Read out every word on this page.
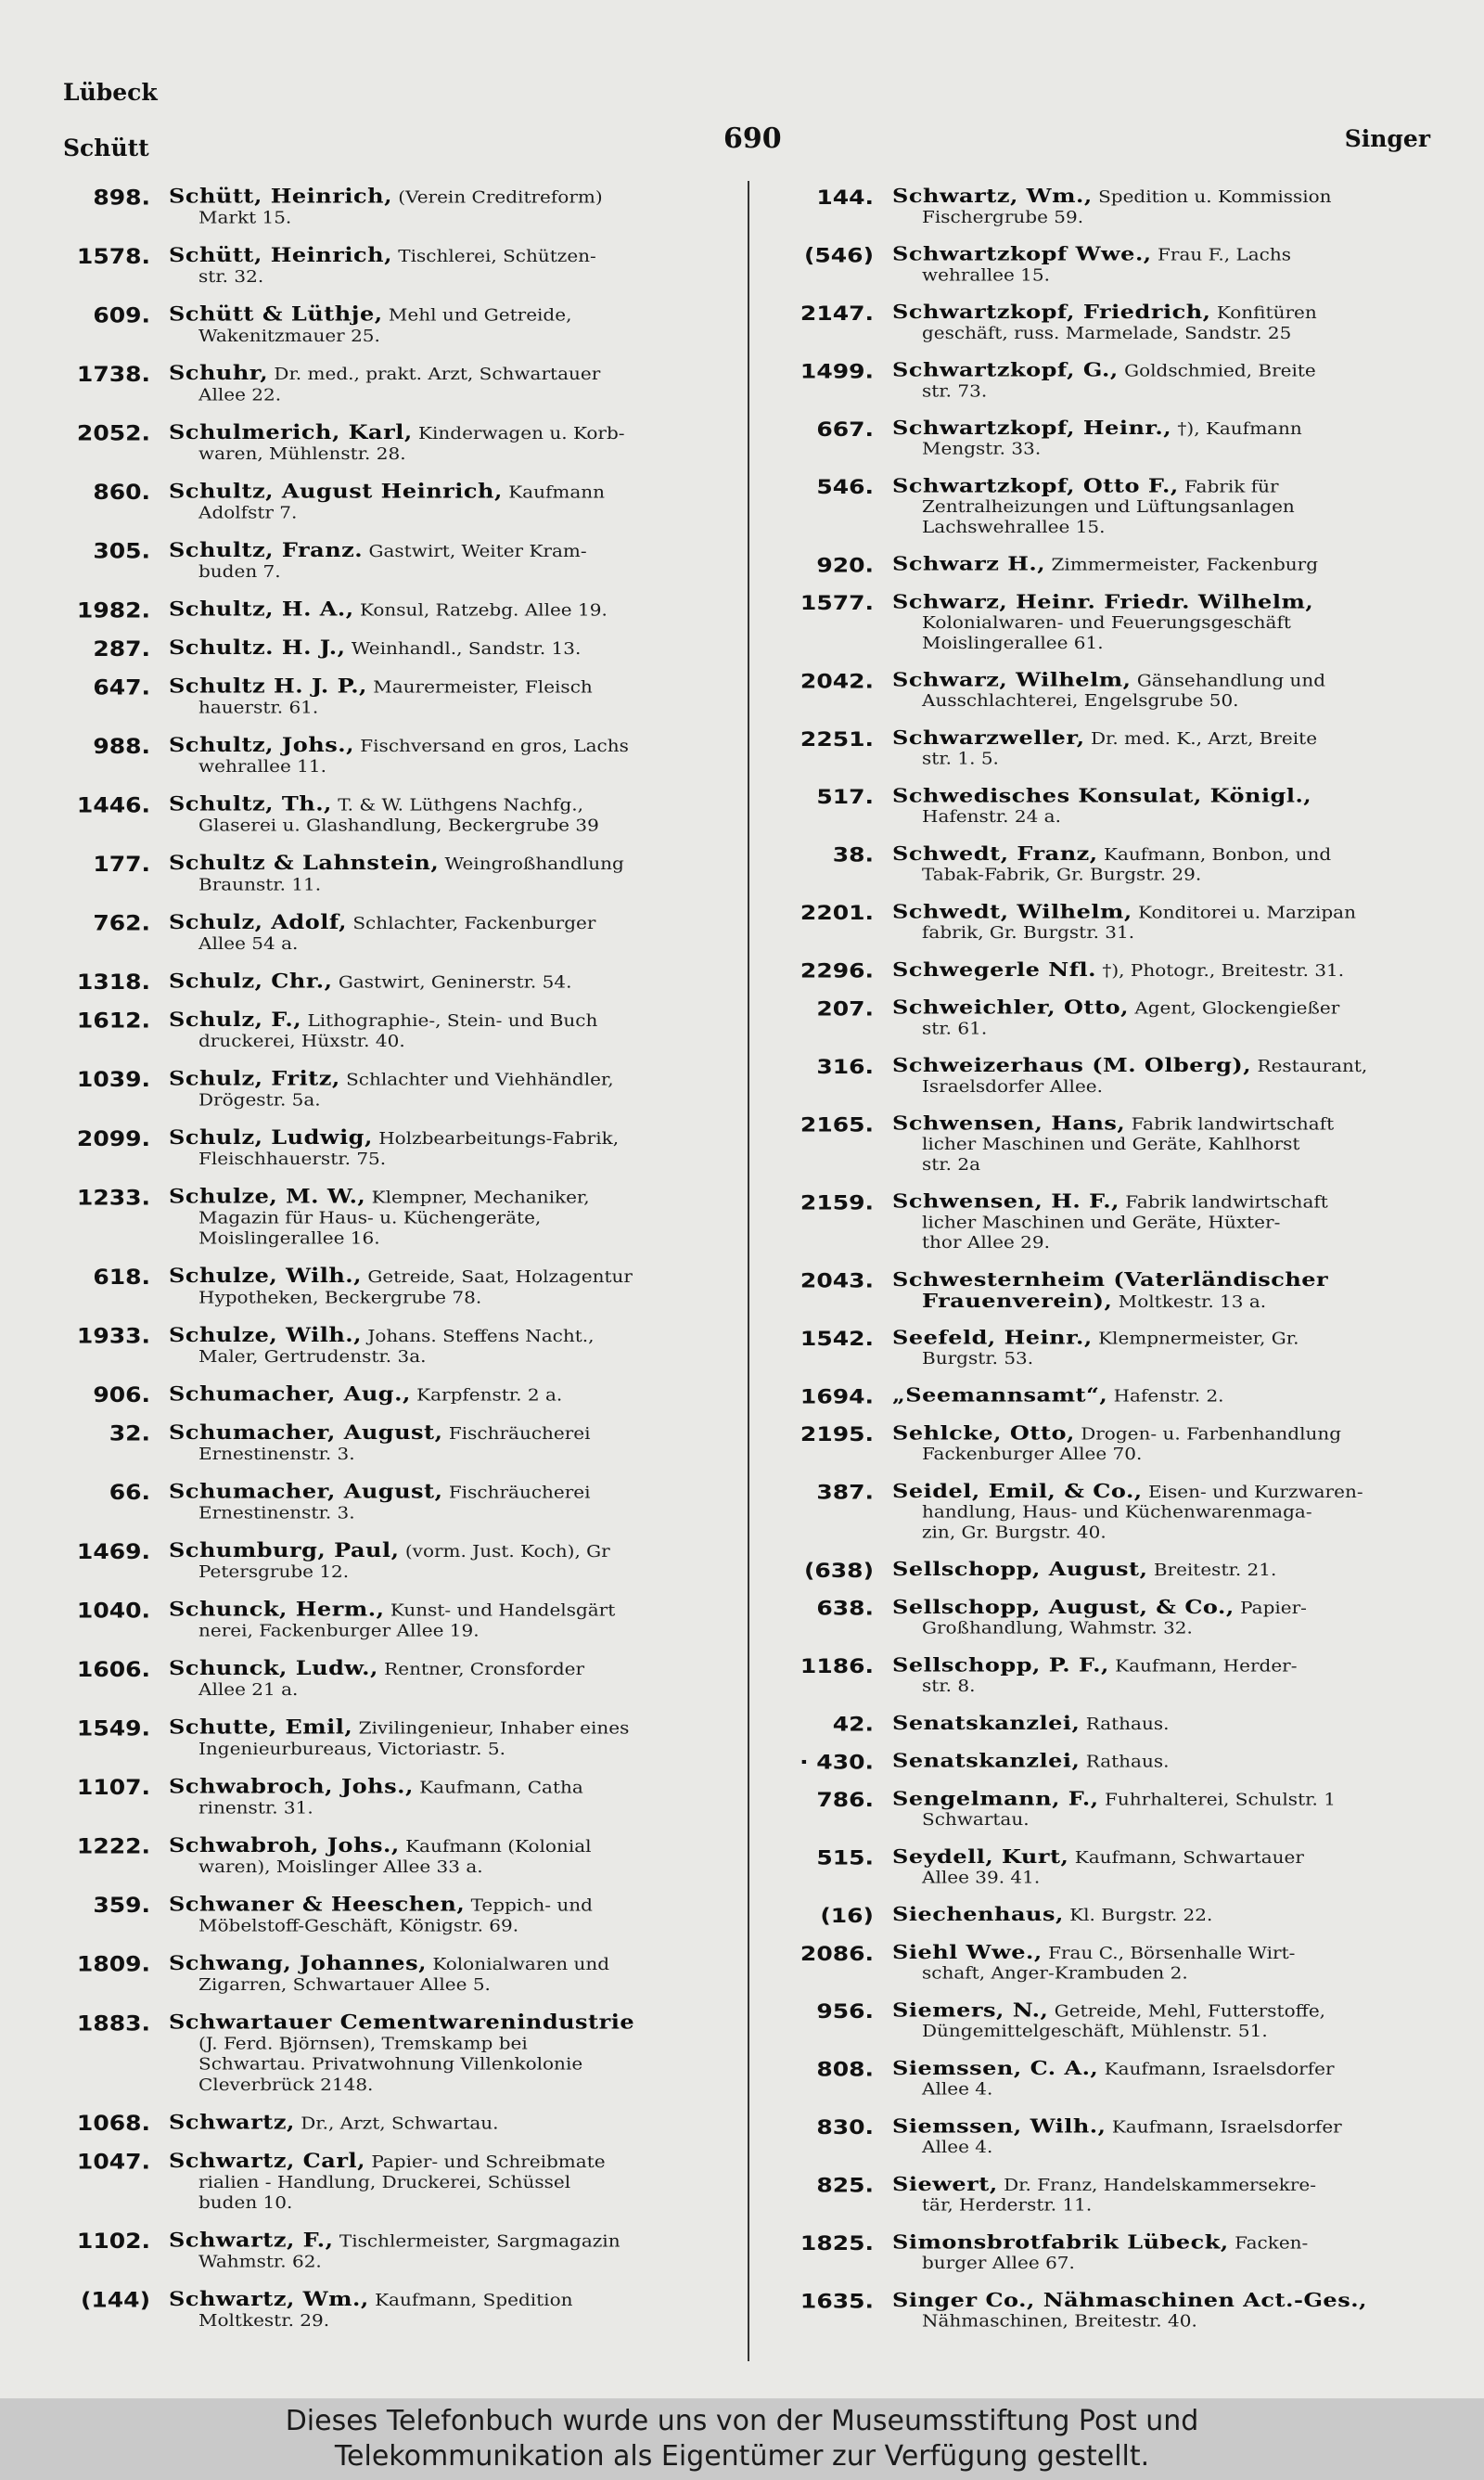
Lübeck
Schütt	690	Singer
898. Schütt, Heinrich, (Verein Creditreform)
Markt 15.
1578. Schütt, Heinrich, Tischlerei, Schützen-
str. 32.
609. Schütt & Lüthje, Mehl und Getreide,
Wakenitzmauer 25.
1738. Schuhr, Dr. med., prakt. Arzt, Schwartauer
Allee 22.
2052. Schulmerich, Karl, Kinderwagen u. Korb-
waren, Mühlenstr. 28.
860. Schultz, August Heinrich, Kaufmann
Adolfstr 7.
305. Schultz, Franz. Gastwirt, Weiter Kram-
buden 7.
1982. Schultz, H. A., Konsul, Ratzebg. Allee 19.
287. Schultz. H. J., Weinhandl., Sandstr. 13.
647. Schultz H. J. P., Maurermeister, Fleisch
hauerstr. 61.
988. Schultz, Johs., Fischversand en gros, Lachs
wehrallee 11.
1446. Schultz, Th., T. & W. Lüthgens Nachfg.,
Glaserei u. Glashandlung, Beckergrube 39
177. Schultz & Lahnstein, Weingroßhandlung
Braunstr. 11.
762. Schulz, Adolf, Schlachter, Fackenburger
Allee 54 a.
1318. Schulz, Chr., Gastwirt, Geninerstr. 54.
1612. Schulz, F., Lithographie-, Stein- und Buch
druckerei, Hüxstr. 40.
1039. Schulz, Fritz, Schlachter und Viehhändler,
Drögestr. 5a.
2099. Schulz, Ludwig, Holzbearbeitungs-Fabrik,
Fleischhauerstr. 75.
1233. Schulze, M. W., Klempner, Mechaniker,
Magazin für Haus- u. Küchengeräte,
Moislingerallee 16.
618. Schulze, Wilh., Getreide, Saat, Holzagentur
Hypotheken, Beckergrube 78.
1933. Schulze, Wilh., Johans. Steffens Nacht.,
Maler, Gertrudenstr. 3a.
906. Schumacher, Aug., Karpfenstr. 2 a.
32. Schumacher, August, Fischräucherei
Ernestinenstr. 3.
66. Schumacher, August, Fischräucherei
Ernestinenstr. 3.
1469. Schumburg, Paul, (vorm. Just. Koch), Gr
Petersgrube 12.
1040. Schunck, Herm., Kunst- und Handelsgärt
nerei, Fackenburger Allee 19.
1606. Schunck, Ludw., Rentner, Cronsforder
Allee 21 a.
1549. Schutte, Emil, Zivilingenieur, Inhaber eines
Ingenieurbureaus, Victoriastr. 5.
1107. Schwabroch, Johs., Kaufmann, Catha
rinenstr. 31.
1222. Schwabroh, Johs., Kaufmann (Kolonial
waren), Moislinger Allee 33 a.
359. Schwaner & Heeschen, Teppich- und
Möbelstoff-Geschäft, Königstr. 69.
1809. Schwang, Johannes, Kolonialwaren und
Zigarren, Schwartauer Allee 5.
1883. Schwartauer Cementwarenindustrie
(J. Ferd. Björnsen), Tremskamp bei
Schwartau. Privatwohnung Villenkolonie
Cleverbrück 2148.
1068. Schwartz, Dr., Arzt, Schwartau.
1047. Schwartz, Carl, Papier- und Schreibmate
rialien - Handlung, Druckerei, Schüssel
buden 10.
1102. Schwartz, F., Tischlermeister, Sargmagazin
Wahmstr. 62.
(144) Schwartz, Wm., Kaufmann, Spedition
Moltkestr. 29.
144. Schwartz, Wm., Spedition u. Kommission
Fischergrube 59.
(546) Schwartzkopf Wwe., Frau F., Lachs
wehrallee 15.
2147. Schwartzkopf, Friedrich, Konfitüren
geschäft, russ. Marmelade, Sandstr. 25
1499. Schwartzkopf, G., Goldschmied, Breite
str. 73.
667. Schwartzkopf, Heinr., †), Kaufmann
Mengstr. 33.
546. Schwartzkopf, Otto F., Fabrik für
Zentralheizungen und Lüftungsanlagen
Lachswehrallee 15.
920. Schwarz H., Zimmermeister, Fackenburg
1577. Schwarz, Heinr. Friedr. Wilhelm,
Kolonialwaren- und Feuerungsgeschäft
Moislingerallee 61.
2042. Schwarz, Wilhelm, Gänsehandlung und
Ausschlachterei, Engelsgrube 50.
2251. Schwarzweller, Dr. med. K., Arzt, Breite
str. 1. 5.
517. Schwedisches Konsulat, Königl.,
Hafenstr. 24 a.
38. Schwedt, Franz, Kaufmann, Bonbon, und
Tabak-Fabrik, Gr. Burgstr. 29.
2201. Schwedt, Wilhelm, Konditorei u. Marzipan
fabrik, Gr. Burgstr. 31.
2296. Schwegerle Nfl. †), Photogr., Breitestr. 31.
207. Schweichler, Otto, Agent, Glockengießer
str. 61.
316. Schweizerhaus (M. Olberg), Restaurant,
Israelsdorfer Allee.
2165. Schwensen, Hans, Fabrik landwirtschaft
licher Maschinen und Geräte, Kahlhorst
str. 2a
2159. Schwensen, H. F., Fabrik landwirtschaft
licher Maschinen und Geräte, Hüxter-
thor Allee 29.
2043. Schwesternheim (Vaterländischer
Frauenverein), Moltkestr. 13 a.
1542. Seefeld, Heinr., Klempnermeister, Gr.
Burgstr. 53.
1694. „Seemannsamt“, Hafenstr. 2.
2195. Sehlcke, Otto, Drogen- u. Farbenhandlung
Fackenburger Allee 70.
387. Seidel, Emil, & Co., Eisen- und Kurzwaren-
handlung, Haus- und Küchenwarenmaga-
zin, Gr. Burgstr. 40.
(638) Sellschopp, August, Breitestr. 21.
638. Sellschopp, August, & Co., Papier-
Großhandlung, Wahmstr. 32.
1186. Sellschopp, P. F., Kaufmann, Herder-
str. 8.
42. Senatskanzlei, Rathaus.
· 430. Senatskanzlei, Rathaus.
786. Sengelmann, F., Fuhrhalterei, Schulstr. 1
Schwartau.
515. Seydell, Kurt, Kaufmann, Schwartauer
Allee 39. 41.
(16) Siechenhaus, Kl. Burgstr. 22.
2086. Siehl Wwe., Frau C., Börsenhalle Wirt-
schaft, Anger-Krambuden 2.
956. Siemers, N., Getreide, Mehl, Futterstoffe,
Düngemittelgeschäft, Mühlenstr. 51.
808. Siemssen, C. A., Kaufmann, Israelsdorfer
Allee 4.
830. Siemssen, Wilh., Kaufmann, Israelsdorfer
Allee 4.
825. Siewert, Dr. Franz, Handelskammersekre-
tär, Herderstr. 11.
1825. Simonsbrotfabrik Lübeck, Facken-
burger Allee 67.
1635. Singer Co., Nähmaschinen Act.-Ges.,
Nähmaschinen, Breitestr. 40.
Dieses Telefonbuch wurde uns von der Museumsstiftung Post und
Telekommunikation als Eigentümer zur Verfügung gestellt.
